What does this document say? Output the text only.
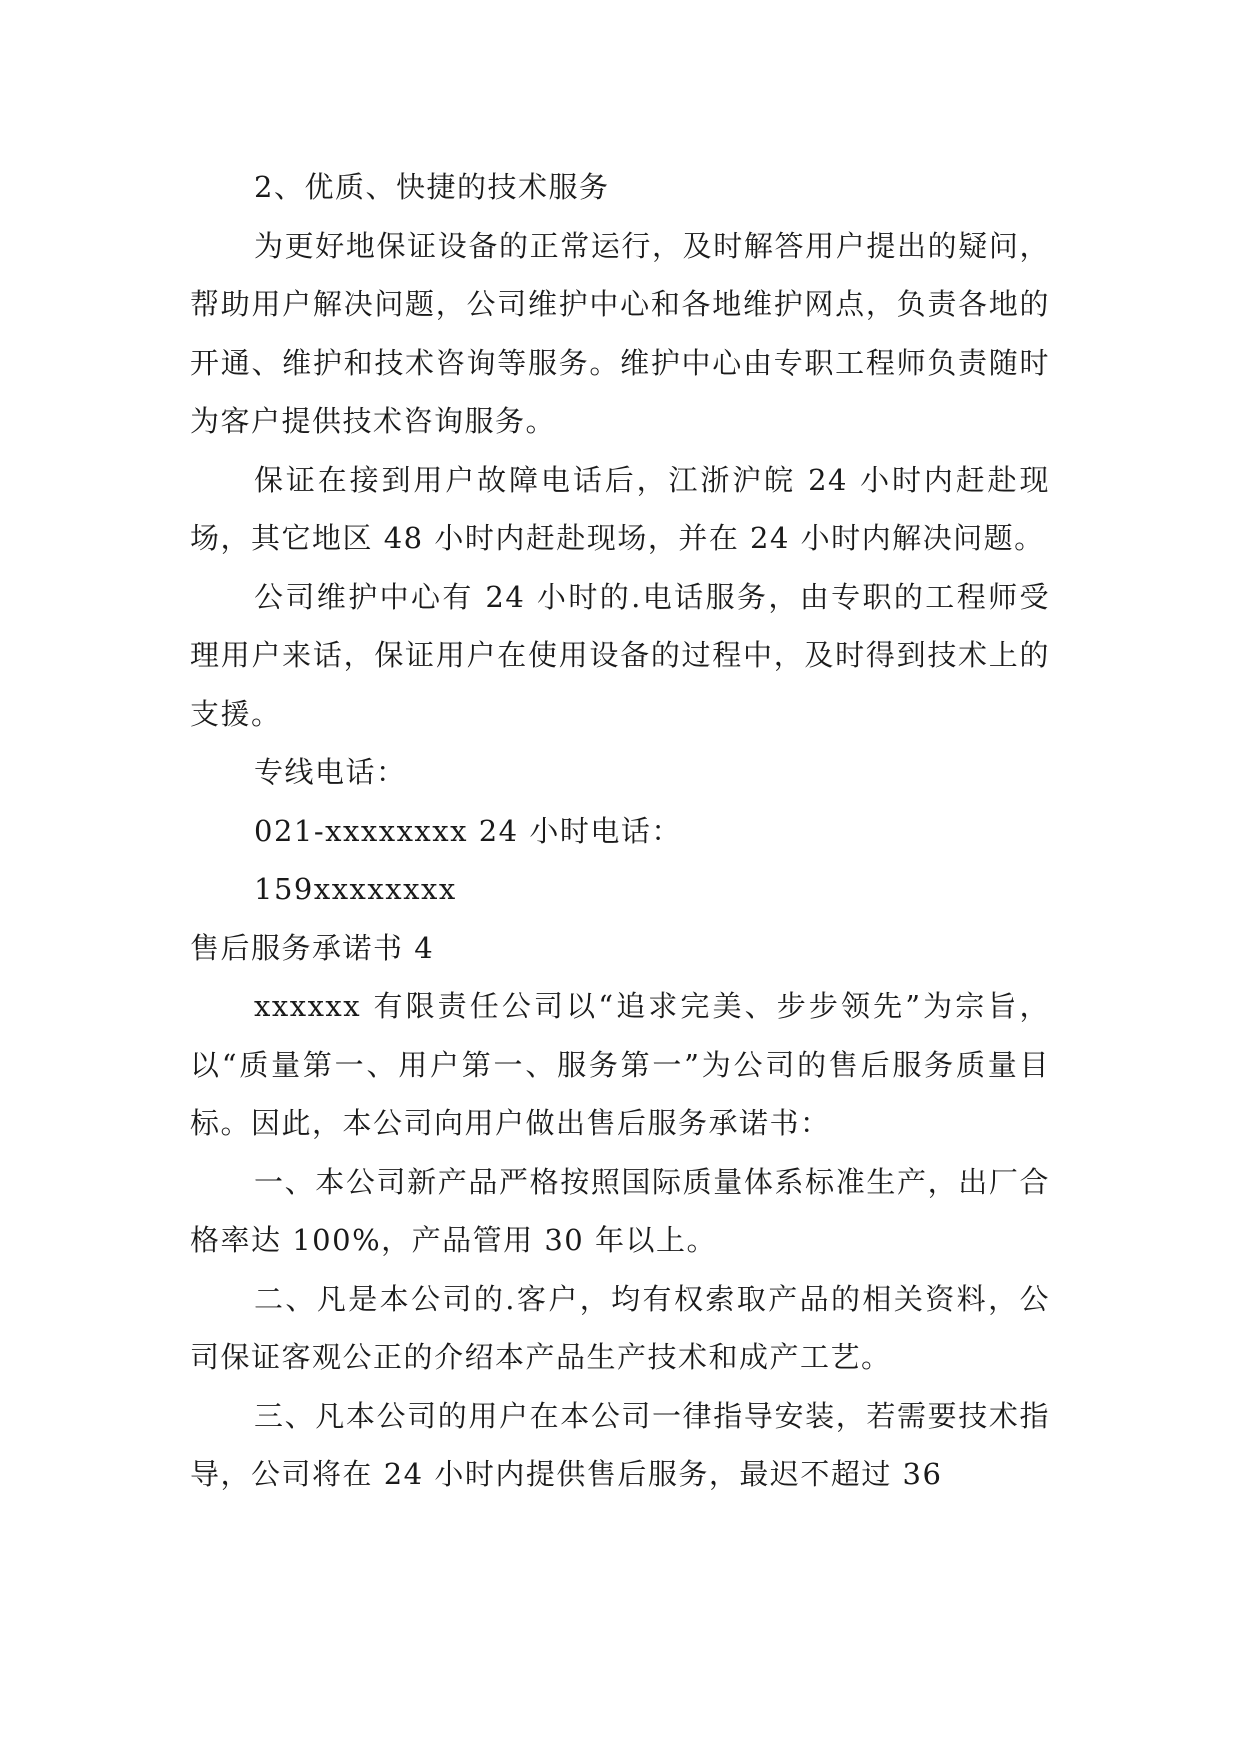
2、优质、快捷的技术服务

为更好地保证设备的正常运行，及时解答用户提出的疑问，帮助用户解决问题，公司维护中心和各地维护网点，负责各地的开通、维护和技术咨询等服务。维护中心由专职工程师负责随时为客户提供技术咨询服务。

保证在接到用户故障电话后，江浙沪皖 24 小时内赶赴现场，其它地区 48 小时内赶赴现场，并在 24 小时内解决问题。

公司维护中心有 24 小时的.电话服务，由专职的工程师受理用户来话，保证用户在使用设备的过程中，及时得到技术上的支援。

专线电话：

021-xxxxxxxx 24 小时电话：

159xxxxxxxx

售后服务承诺书 4

xxxxxx 有限责任公司以“追求完美、步步领先”为宗旨，以“质量第一、用户第一、服务第一”为公司的售后服务质量目标。因此，本公司向用户做出售后服务承诺书：

一、本公司新产品严格按照国际质量体系标准生产，出厂合格率达 100%，产品管用 30 年以上。

二、凡是本公司的.客户，均有权索取产品的相关资料，公司保证客观公正的介绍本产品生产技术和成产工艺。

三、凡本公司的用户在本公司一律指导安装，若需要技术指导，公司将在 24 小时内提供售后服务，最迟不超过 36
